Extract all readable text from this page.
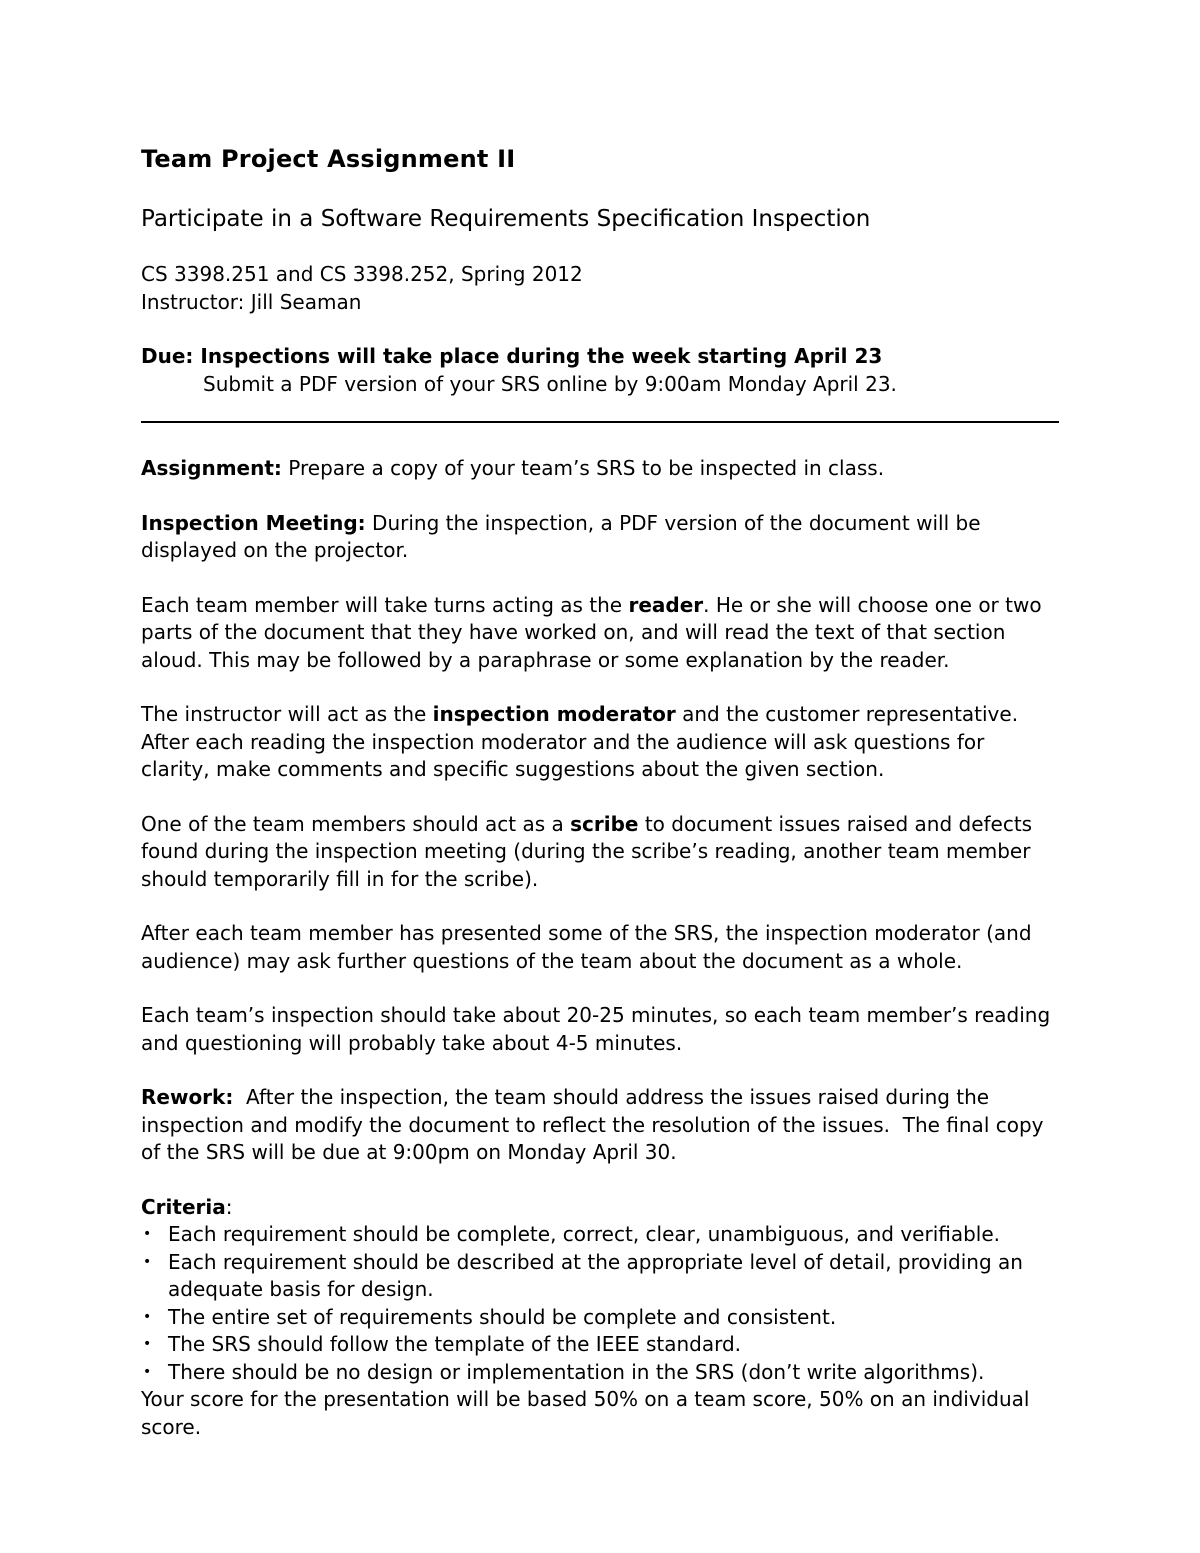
Team Project Assignment II

Participate in a Software Requirements Specification Inspection

CS 3398.251 and CS 3398.252, Spring 2012

Instructor: Jill Seaman

Due: Inspections will take place during the week starting April 23

Submit a PDF version of your SRS online by 9:00am Monday April 23.

Assignment: Prepare a copy of your team’s SRS to be inspected in class.

Inspection Meeting: During the inspection, a PDF version of the document will be displayed on the projector.

Each team member will take turns acting as the reader. He or she will choose one or two parts of the document that they have worked on, and will read the text of that section aloud. This may be followed by a paraphrase or some explanation by the reader.

The instructor will act as the inspection moderator and the customer representative. After each reading the inspection moderator and the audience will ask questions for clarity, make comments and specific suggestions about the given section.

One of the team members should act as a scribe to document issues raised and defects found during the inspection meeting (during the scribe’s reading, another team member should temporarily fill in for the scribe).

After each team member has presented some of the SRS, the inspection moderator (and audience) may ask further questions of the team about the document as a whole.

Each team’s inspection should take about 20-25 minutes, so each team member’s reading and questioning will probably take about 4-5 minutes.

Rework:  After the inspection, the team should address the issues raised during the inspection and modify the document to reflect the resolution of the issues.  The final copy of the SRS will be due at 9:00pm on Monday April 30.

Criteria:

• Each requirement should be complete, correct, clear, unambiguous, and verifiable.
• Each requirement should be described at the appropriate level of detail, providing an adequate basis for design.
• The entire set of requirements should be complete and consistent.
• The SRS should follow the template of the IEEE standard.
• There should be no design or implementation in the SRS (don’t write algorithms).

Your score for the presentation will be based 50% on a team score, 50% on an individual score.
